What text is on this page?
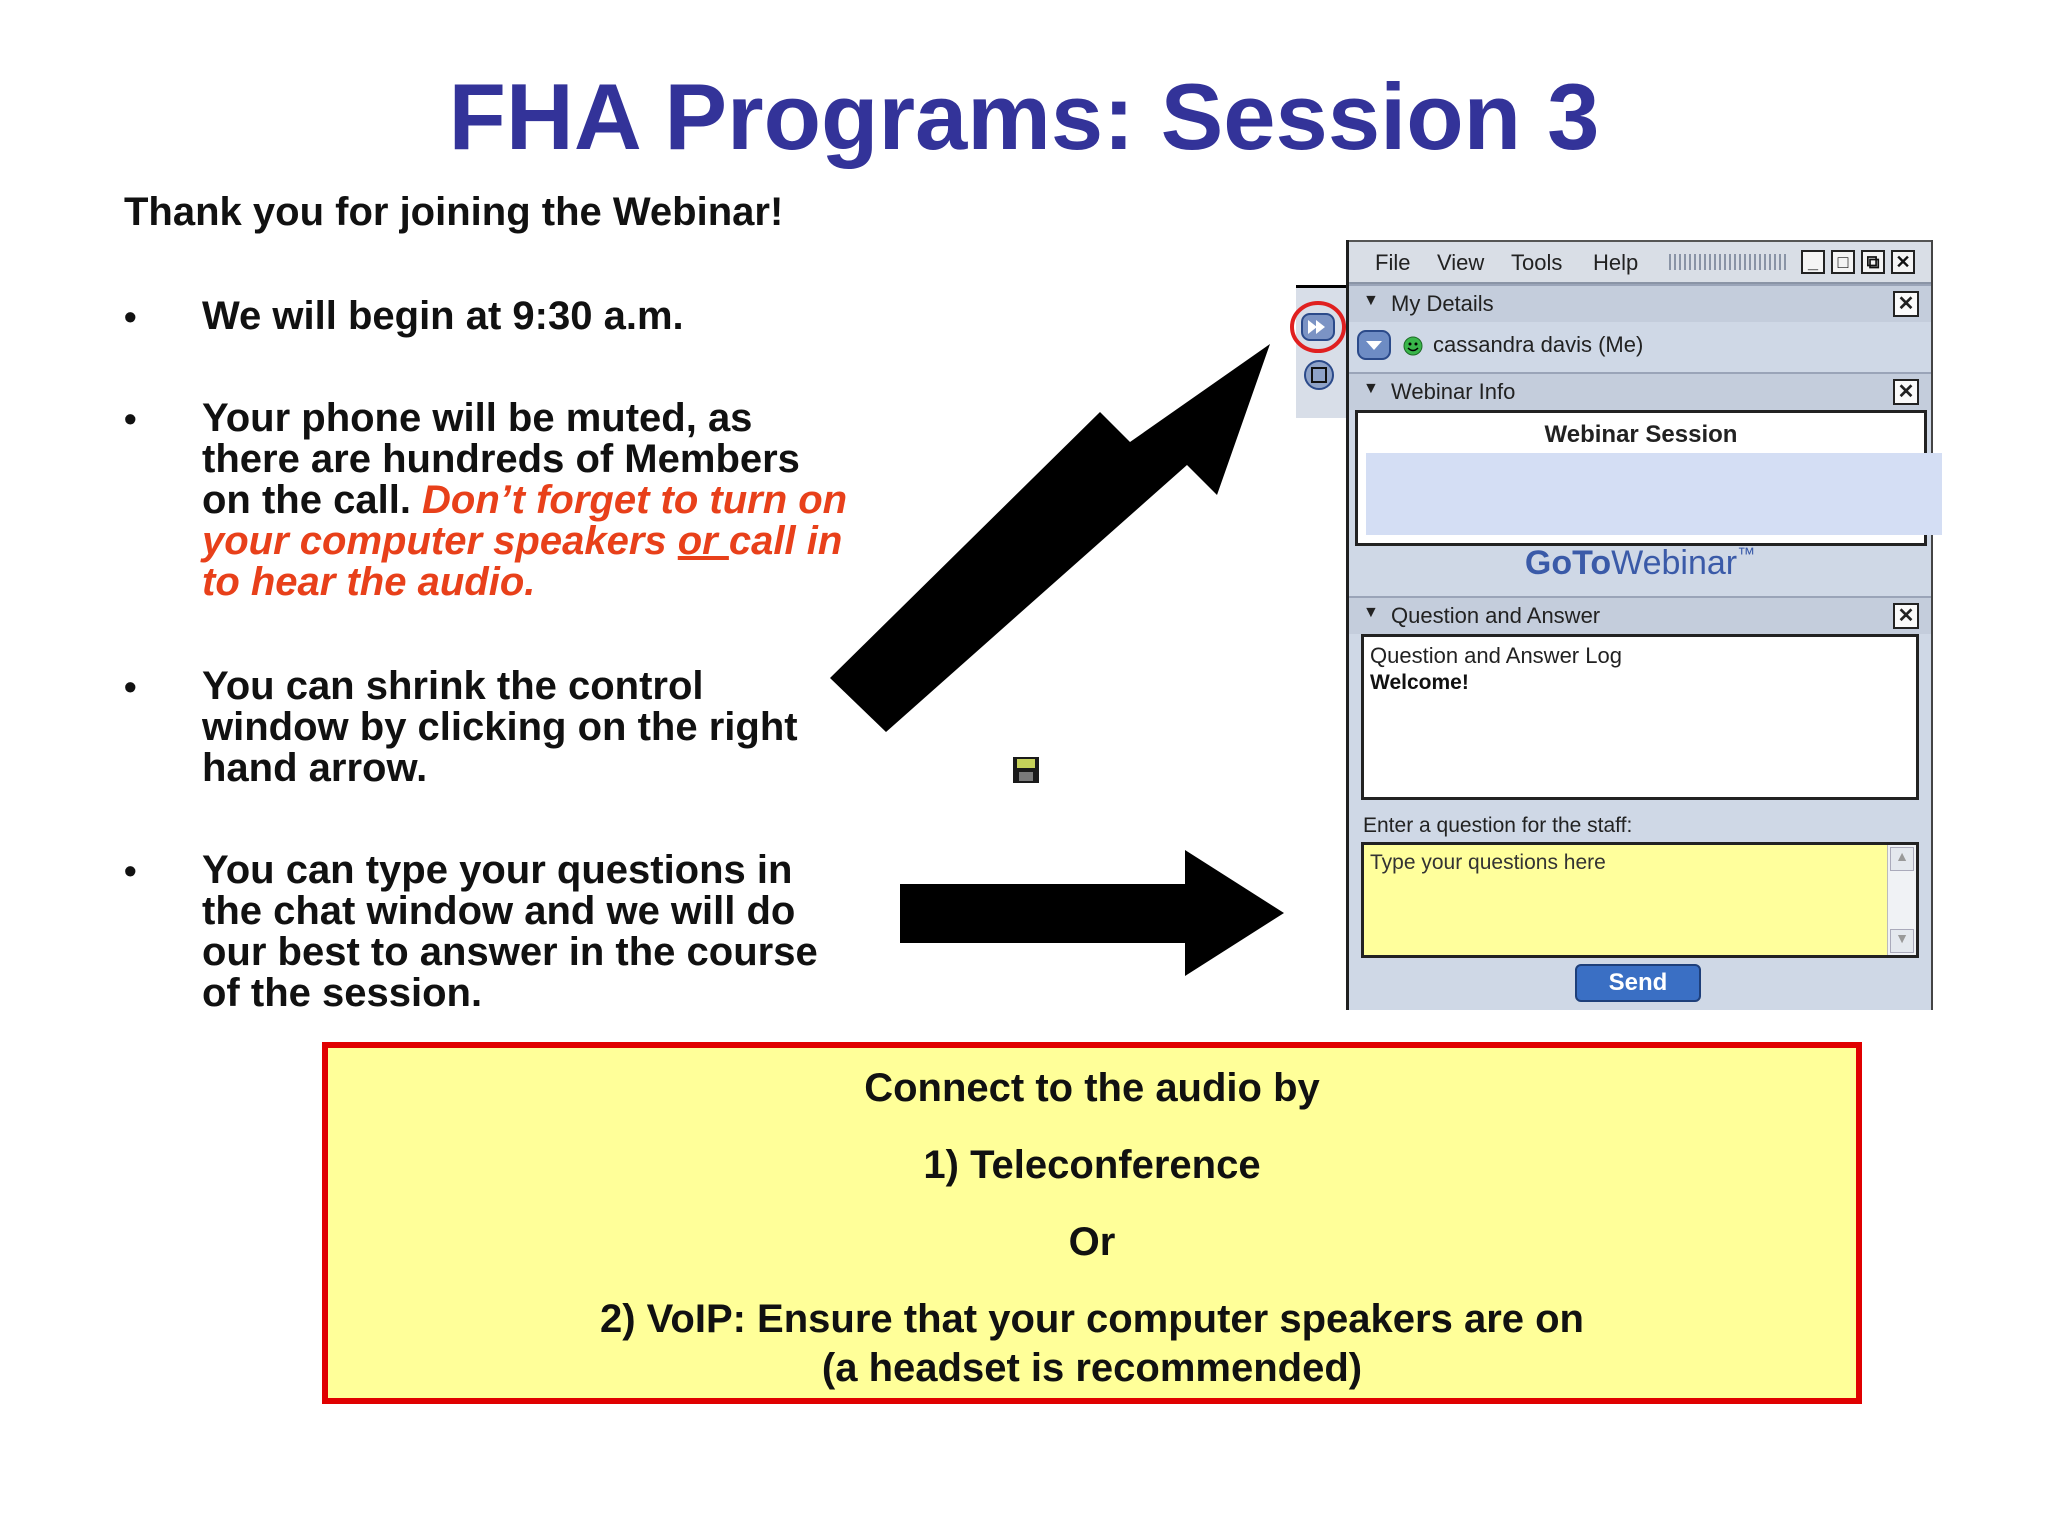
FHA Programs: Session 3
Thank you for joining the Webinar!
• We will begin at 9:30 a.m.
• Your phone will be muted, as
there are hundreds of Members
on the call. Don’t forget to turn on
your computer speakers or call in
to hear the audio.
• You can shrink the control
window by clicking on the right
hand arrow.
• You can type your questions in
the chat window and we will do
our best to answer in the course
of the session.
File View Tools Help	_	□	⧉ ✕
▼ My Details	✕
cassandra davis (Me)
▼ Webinar Info	✕
Webinar Session
GoToWebinar™
▼ Question and Answer	✕
Question and Answer Log
Welcome!
Enter a question for the staff:
Type your questions here	▲
▼
Send
Connect to the audio by
1) Teleconference
Or
2) VoIP: Ensure that your computer speakers are on
(a headset is recommended)
